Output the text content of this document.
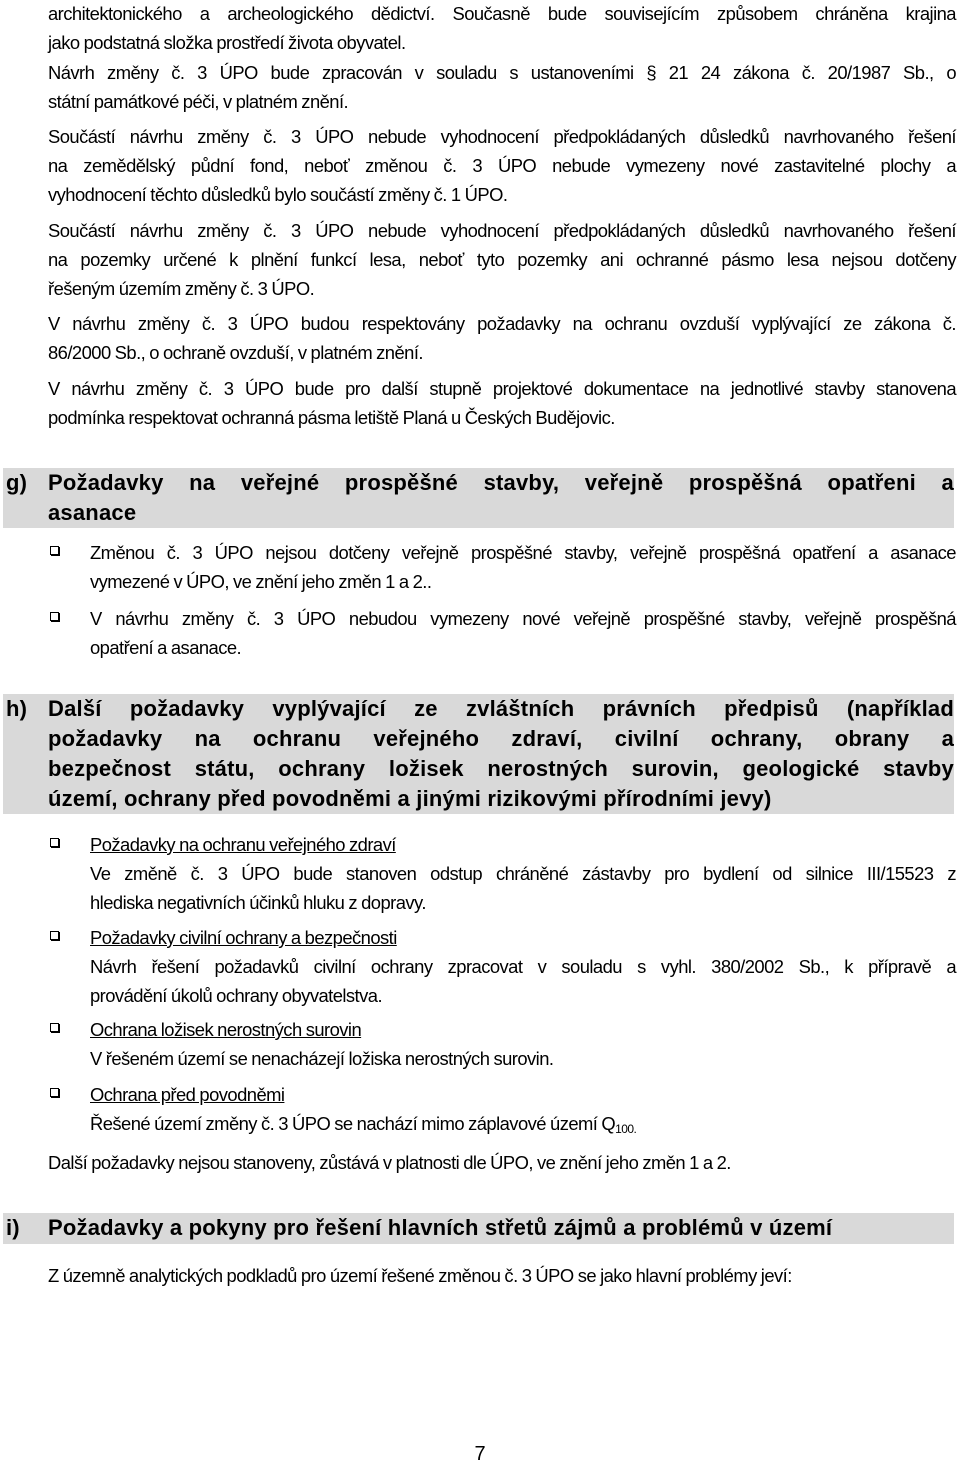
architektonického a archeologického dědictví. Současně bude souvisejícím způsobem chráněna krajina
jako podstatná složka prostředí života obyvatel.
Návrh změny č. 3 ÚPO bude zpracován v souladu s ustanoveními § 21 24 zákona č. 20/1987 Sb., o
státní památkové péči, v platném znění.
Součástí návrhu změny č. 3 ÚPO nebude vyhodnocení předpokládaných důsledků navrhovaného řešení
na zemědělský půdní fond, neboť změnou č. 3 ÚPO nebude vymezeny nové zastavitelné plochy a
vyhodnocení těchto důsledků bylo součástí změny č. 1 ÚPO.
Součástí návrhu změny č. 3 ÚPO nebude vyhodnocení předpokládaných důsledků navrhovaného řešení
na pozemky určené k plnění funkcí lesa, neboť tyto pozemky ani ochranné pásmo lesa nejsou dotčeny
řešeným územím změny č. 3 ÚPO.
V návrhu změny č. 3 ÚPO budou respektovány požadavky na ochranu ovzduší vyplývající ze zákona č.
86/2000 Sb., o ochraně ovzduší, v platném znění.
V návrhu změny č. 3 ÚPO bude pro další stupně projektové dokumentace na jednotlivé stavby stanovena
podmínka respektovat ochranná pásma letiště Planá u Českých Budějovic.
g) Požadavky na veřejné prospěšné stavby, veřejně prospěšná opatřeni a
asanace
Změnou č. 3 ÚPO nejsou dotčeny veřejně prospěšné stavby, veřejně prospěšná opatření a asanace
vymezené v ÚPO, ve znění jeho změn 1 a 2..
V návrhu změny č. 3 ÚPO nebudou vymezeny nové veřejně prospěšné stavby, veřejně prospěšná
opatření a asanace.
h) Další požadavky vyplývající ze zvláštních právních předpisů (například
požadavky na ochranu veřejného zdraví, civilní ochrany, obrany a
bezpečnost státu, ochrany ložisek nerostných surovin, geologické stavby
území, ochrany před povodněmi a jinými rizikovými přírodními jevy)
Požadavky na ochranu veřejného zdraví
Ve změně č. 3 ÚPO bude stanoven odstup chráněné zástavby pro bydlení od silnice III/15523 z
hlediska negativních účinků hluku z dopravy.
Požadavky civilní ochrany a bezpečnosti
Návrh řešení požadavků civilní ochrany zpracovat v souladu s vyhl. 380/2002 Sb., k přípravě a
provádění úkolů ochrany obyvatelstva.
Ochrana ložisek nerostných surovin
V řešeném území se nenacházejí ložiska nerostných surovin.
Ochrana před povodněmi
Řešené území změny č. 3 ÚPO se nachází mimo záplavové území $Q_{100.}$
Další požadavky nejsou stanoveny, zůstává v platnosti dle ÚPO, ve znění jeho změn 1 a 2.
i) Požadavky a pokyny pro řešení hlavních střetů zájmů a problémů v území
Z územně analytických podkladů pro území řešené změnou č. 3 ÚPO se jako hlavní problémy jeví:
7
